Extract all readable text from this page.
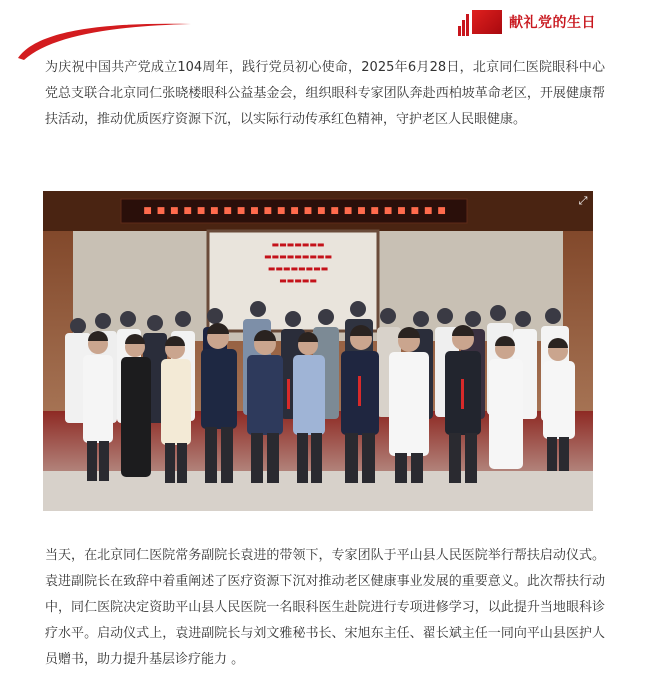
献礼党的生日

为庆祝中国共产党成立104周年，践行党员初心使命，2025年6月28日，北京同仁医院眼科中心党总支联合北京同仁张晓楼眼科公益基金会，组织眼科专家团队奔赴西柏坡革命老区，开展健康帮扶活动，推动优质医疗资源下沉，以实际行动传承红色精神，守护老区人民眼健康。

■ ■ ■ ■ ■ ■ ■ ■ ■ ■ ■ ■ ■ ■ ■ ■ ■ ■ ■ ■ ■ ■ ■
▬▬▬▬▬▬▬
▬▬▬▬▬▬▬▬▬
▬▬▬▬▬▬▬▬
▬▬▬▬▬
⤢

当天，在北京同仁医院常务副院长袁进的带领下，专家团队于平山县人民医院举行帮扶启动仪式。袁进副院长在致辞中着重阐述了医疗资源下沉对推动老区健康事业发展的重要意义。此次帮扶行动中，同仁医院决定资助平山县人民医院一名眼科医生赴院进行专项进修学习，以此提升当地眼科诊疗水平。启动仪式上，袁进副院长与刘文雅秘书长、宋旭东主任、翟长斌主任一同向平山县医护人员赠书，助力提升基层诊疗能力 。
